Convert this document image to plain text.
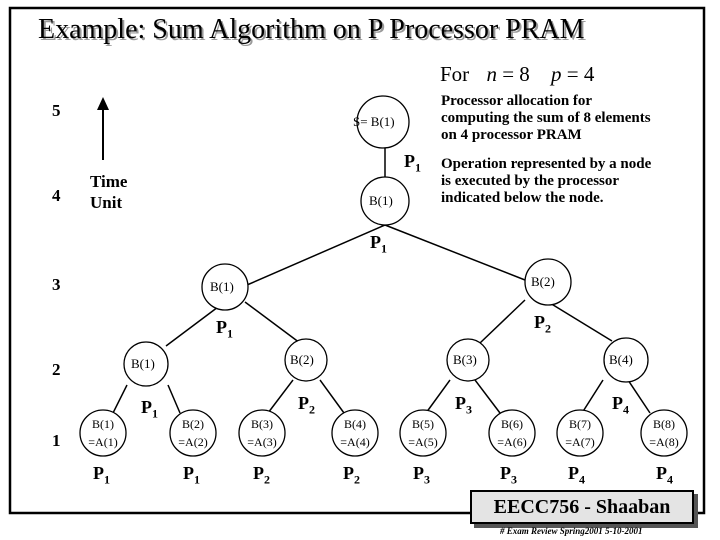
Example: Sum Algorithm on P Processor PRAM
For n = 8 p = 4
Processor allocation for
computing the sum of 8 elements
on 4 processor PRAM
Operation represented by a node
is executed by the processor
indicated below the node.
Time
Unit
5
4
3
2
1
S= B(1)
B(1)
B(1)	B(2)
B(1)	B(2)	B(3)	B(4)
B(1)
=A(1)
B(2)
=A(2)
B(3)
=A(3)
B(4)
=A(4)
B(5)
=A(5)
B(6)
=A(6)
B(7)
=A(7)
B(8)
=A(8)
$P_1$
$P_1$
$P_1$
$P_2$
$P_1$
$P_2$	$P_3$	$P_4$
$P_1$	$P_1$	$P_2$	$P_2$	$P_3$	$P_3$	$P_4$	$P_4$
EECC756 - Shaaban
# Exam Review Spring2001 5-10-2001
